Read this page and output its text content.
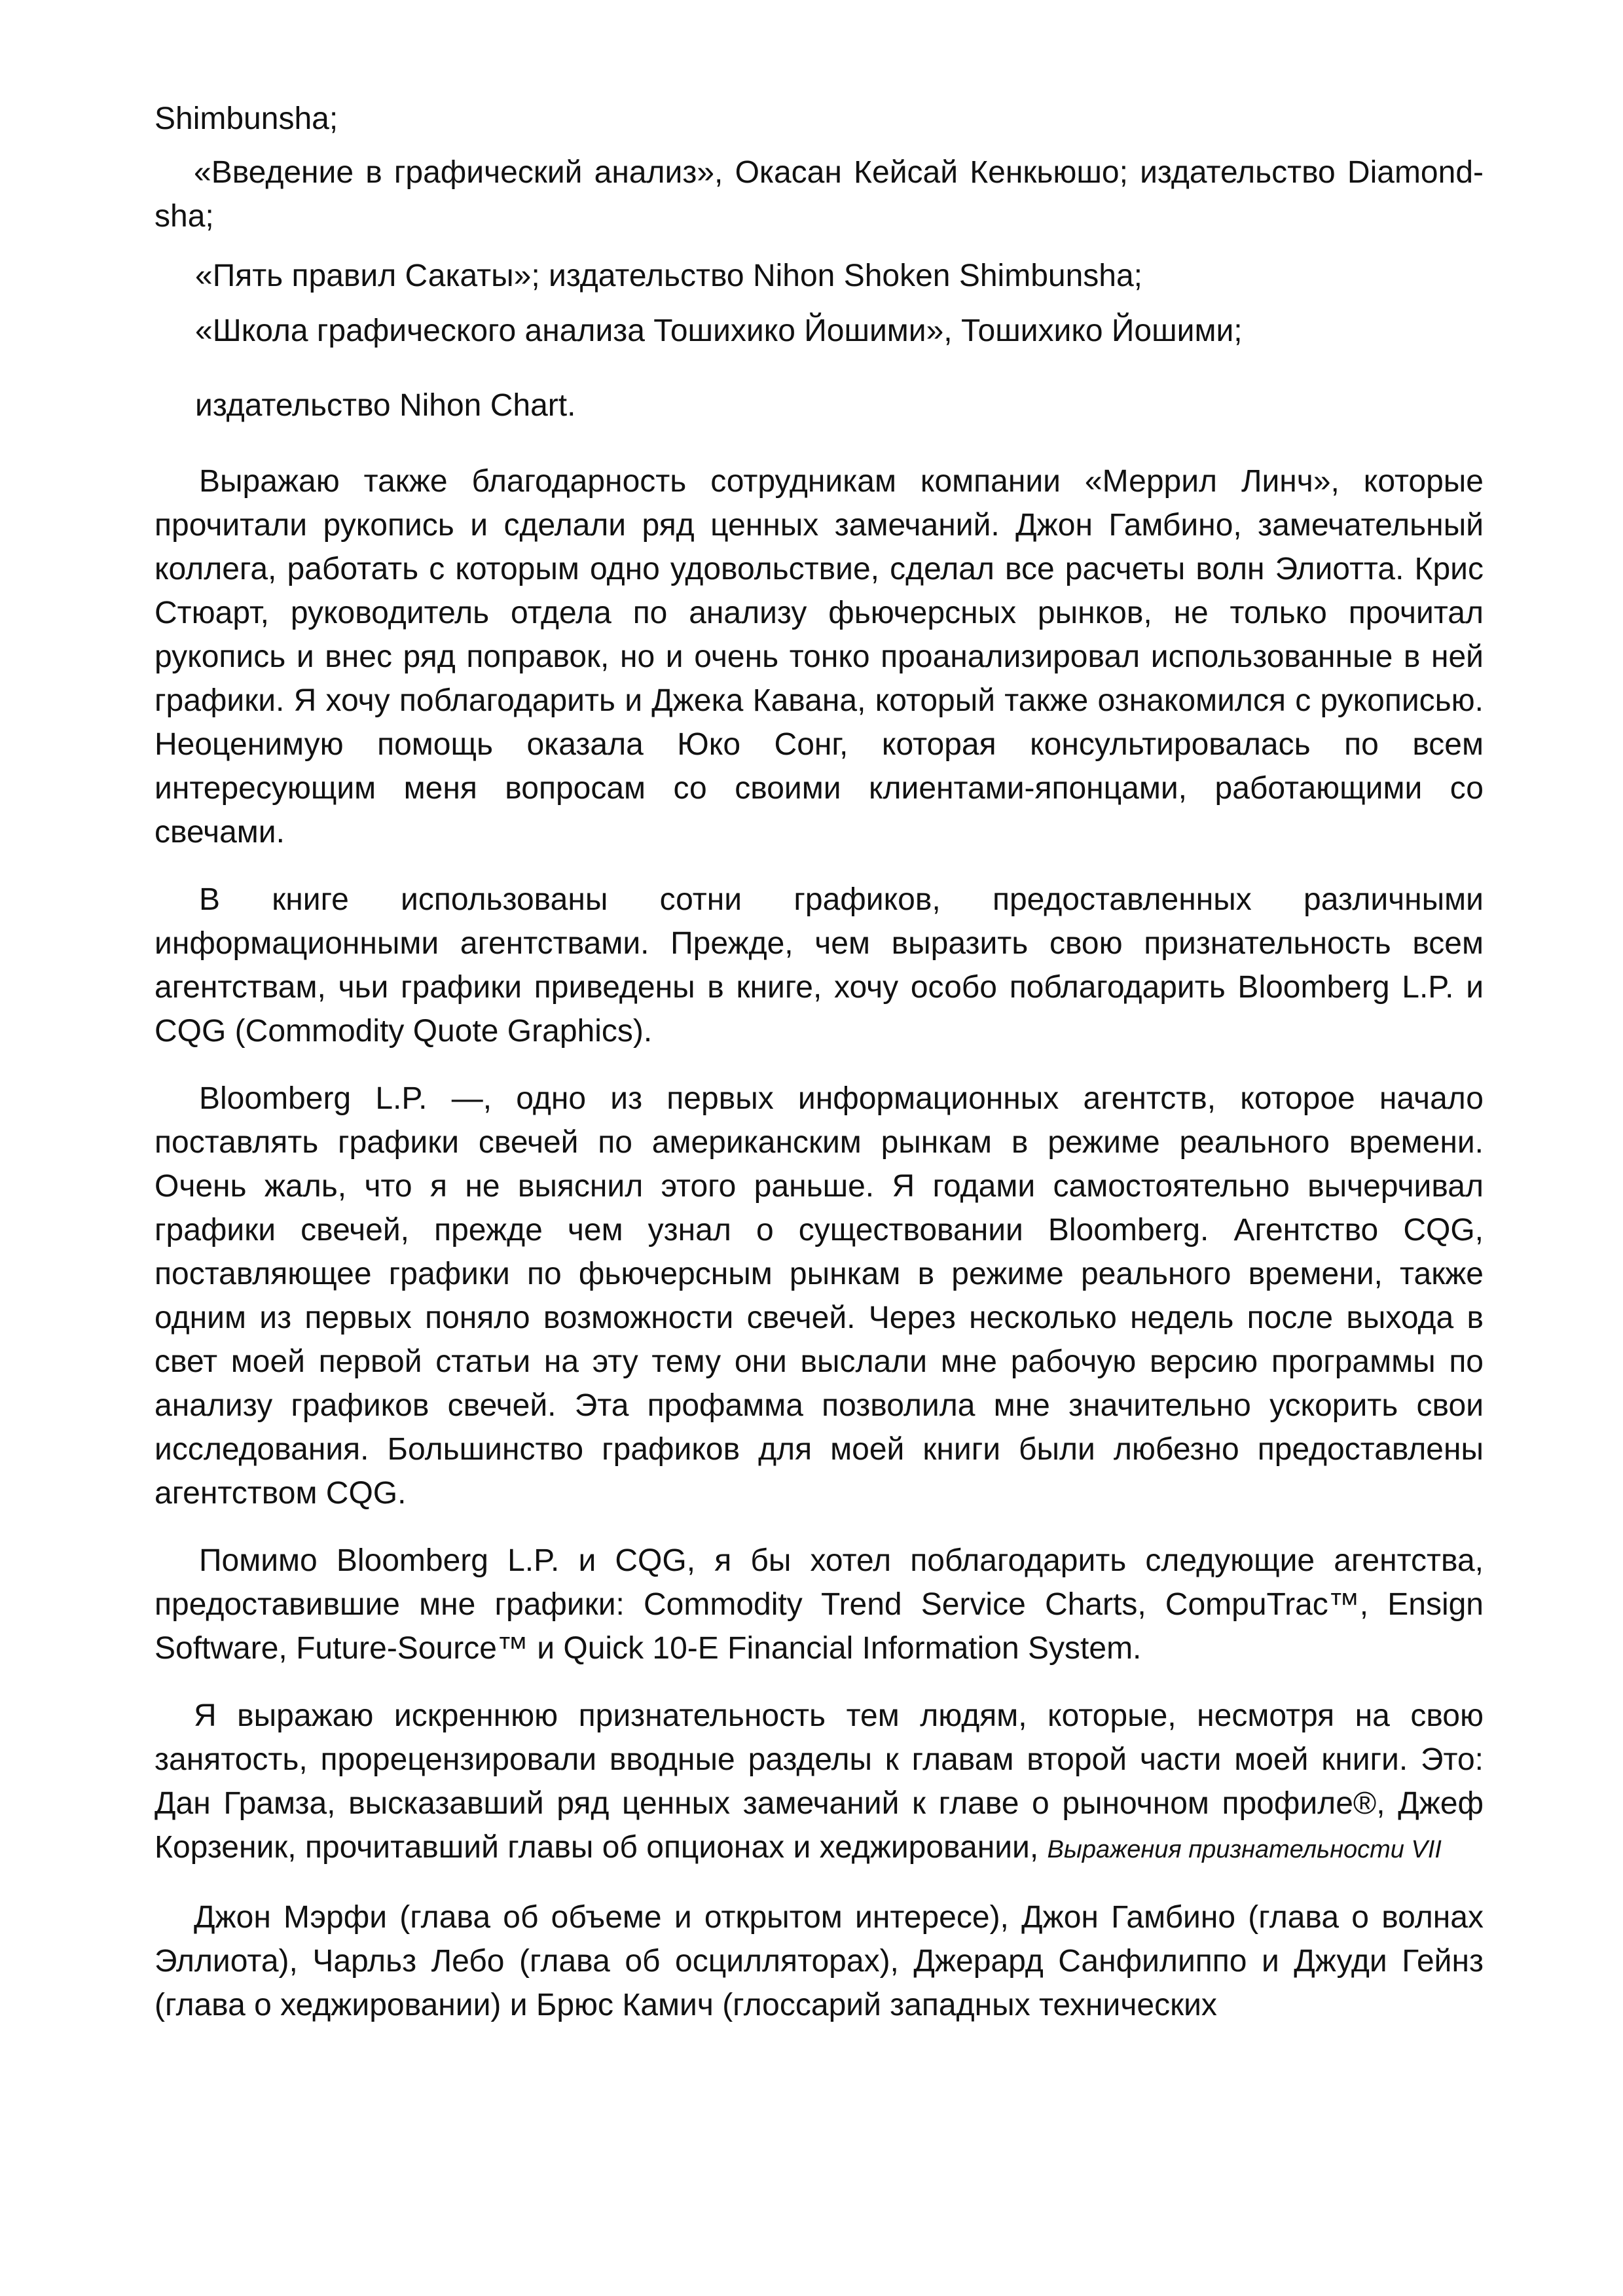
Shimbunsha;

«Введение в графический анализ», Окасан Кейсай Кенкьюшо; издательство Diamond-sha;

«Пять правил Сакаты»; издательство Nihon Shoken Shimbunsha;

«Школа графического анализа Тошихико Йошими», Тошихико Йошими;

издательство Nihon Chart.

Выражаю также благодарность сотрудникам компании «Меррил Линч», которые прочитали рукопись и сделали ряд ценных замечаний. Джон Гамбино, замечательный коллега, работать с которым одно удовольствие, сделал все расчеты волн Элиотта. Крис Стюарт, руководитель отдела по анализу фьючерсных рынков, не только прочитал рукопись и внес ряд поправок, но и очень тонко проанализировал использованные в ней графики. Я хочу поблагодарить и Джека Кавана, который также ознакомился с рукописью. Неоценимую помощь оказала Юко Сонг, которая консультировалась по всем интересующим меня вопросам со своими клиентами-японцами, работающими со свечами.

В книге использованы сотни графиков, предоставленных различными информационными агентствами. Прежде, чем выразить свою признательность всем агентствам, чьи графики приведены в книге, хочу особо поблагодарить Bloomberg L.P. и CQG (Commodity Quote Graphics).

Bloomberg L.P. —, одно из первых информационных агентств, которое начало поставлять графики свечей по американским рынкам в режиме реального времени. Очень жаль, что я не выяснил этого раньше. Я годами самостоятельно вычерчивал графики свечей, прежде чем узнал о существовании Bloomberg. Агентство CQG, поставляющее графики по фьючерсным рынкам в режиме реального времени, также одним из первых поняло возможности свечей. Через несколько недель после выхода в свет моей первой статьи на эту тему они выслали мне рабочую версию программы по анализу графиков свечей. Эта профамма позволила мне значительно ускорить свои исследования. Большинство графиков для моей книги были любезно предоставлены агентством CQG.

Помимо Bloomberg L.P. и CQG, я бы хотел поблагодарить следующие агентства, предоставившие мне графики: Commodity Trend Service Charts, CompuTrac™, Ensign Software, Future-Source™ и Quick 10-E Financial Information System.

Я выражаю искреннюю признательность тем людям, которые, несмотря на свою занятость, прорецензировали вводные разделы к главам второй части моей книги. Это: Дан Грамза, высказавший ряд ценных замечаний к главе о рыночном профиле®, Джеф Корзеник, прочитавший главы об опционах и хеджировании, Выражения признательности VII

Джон Мэрфи (глава об объеме и открытом интересе), Джон Гамбино (глава о волнах Эллиота), Чарльз Лебо (глава об осцилляторах), Джерард Санфилиппо и Джуди Гейнз (глава о хеджировании) и Брюс Камич (глоссарий западных технических
